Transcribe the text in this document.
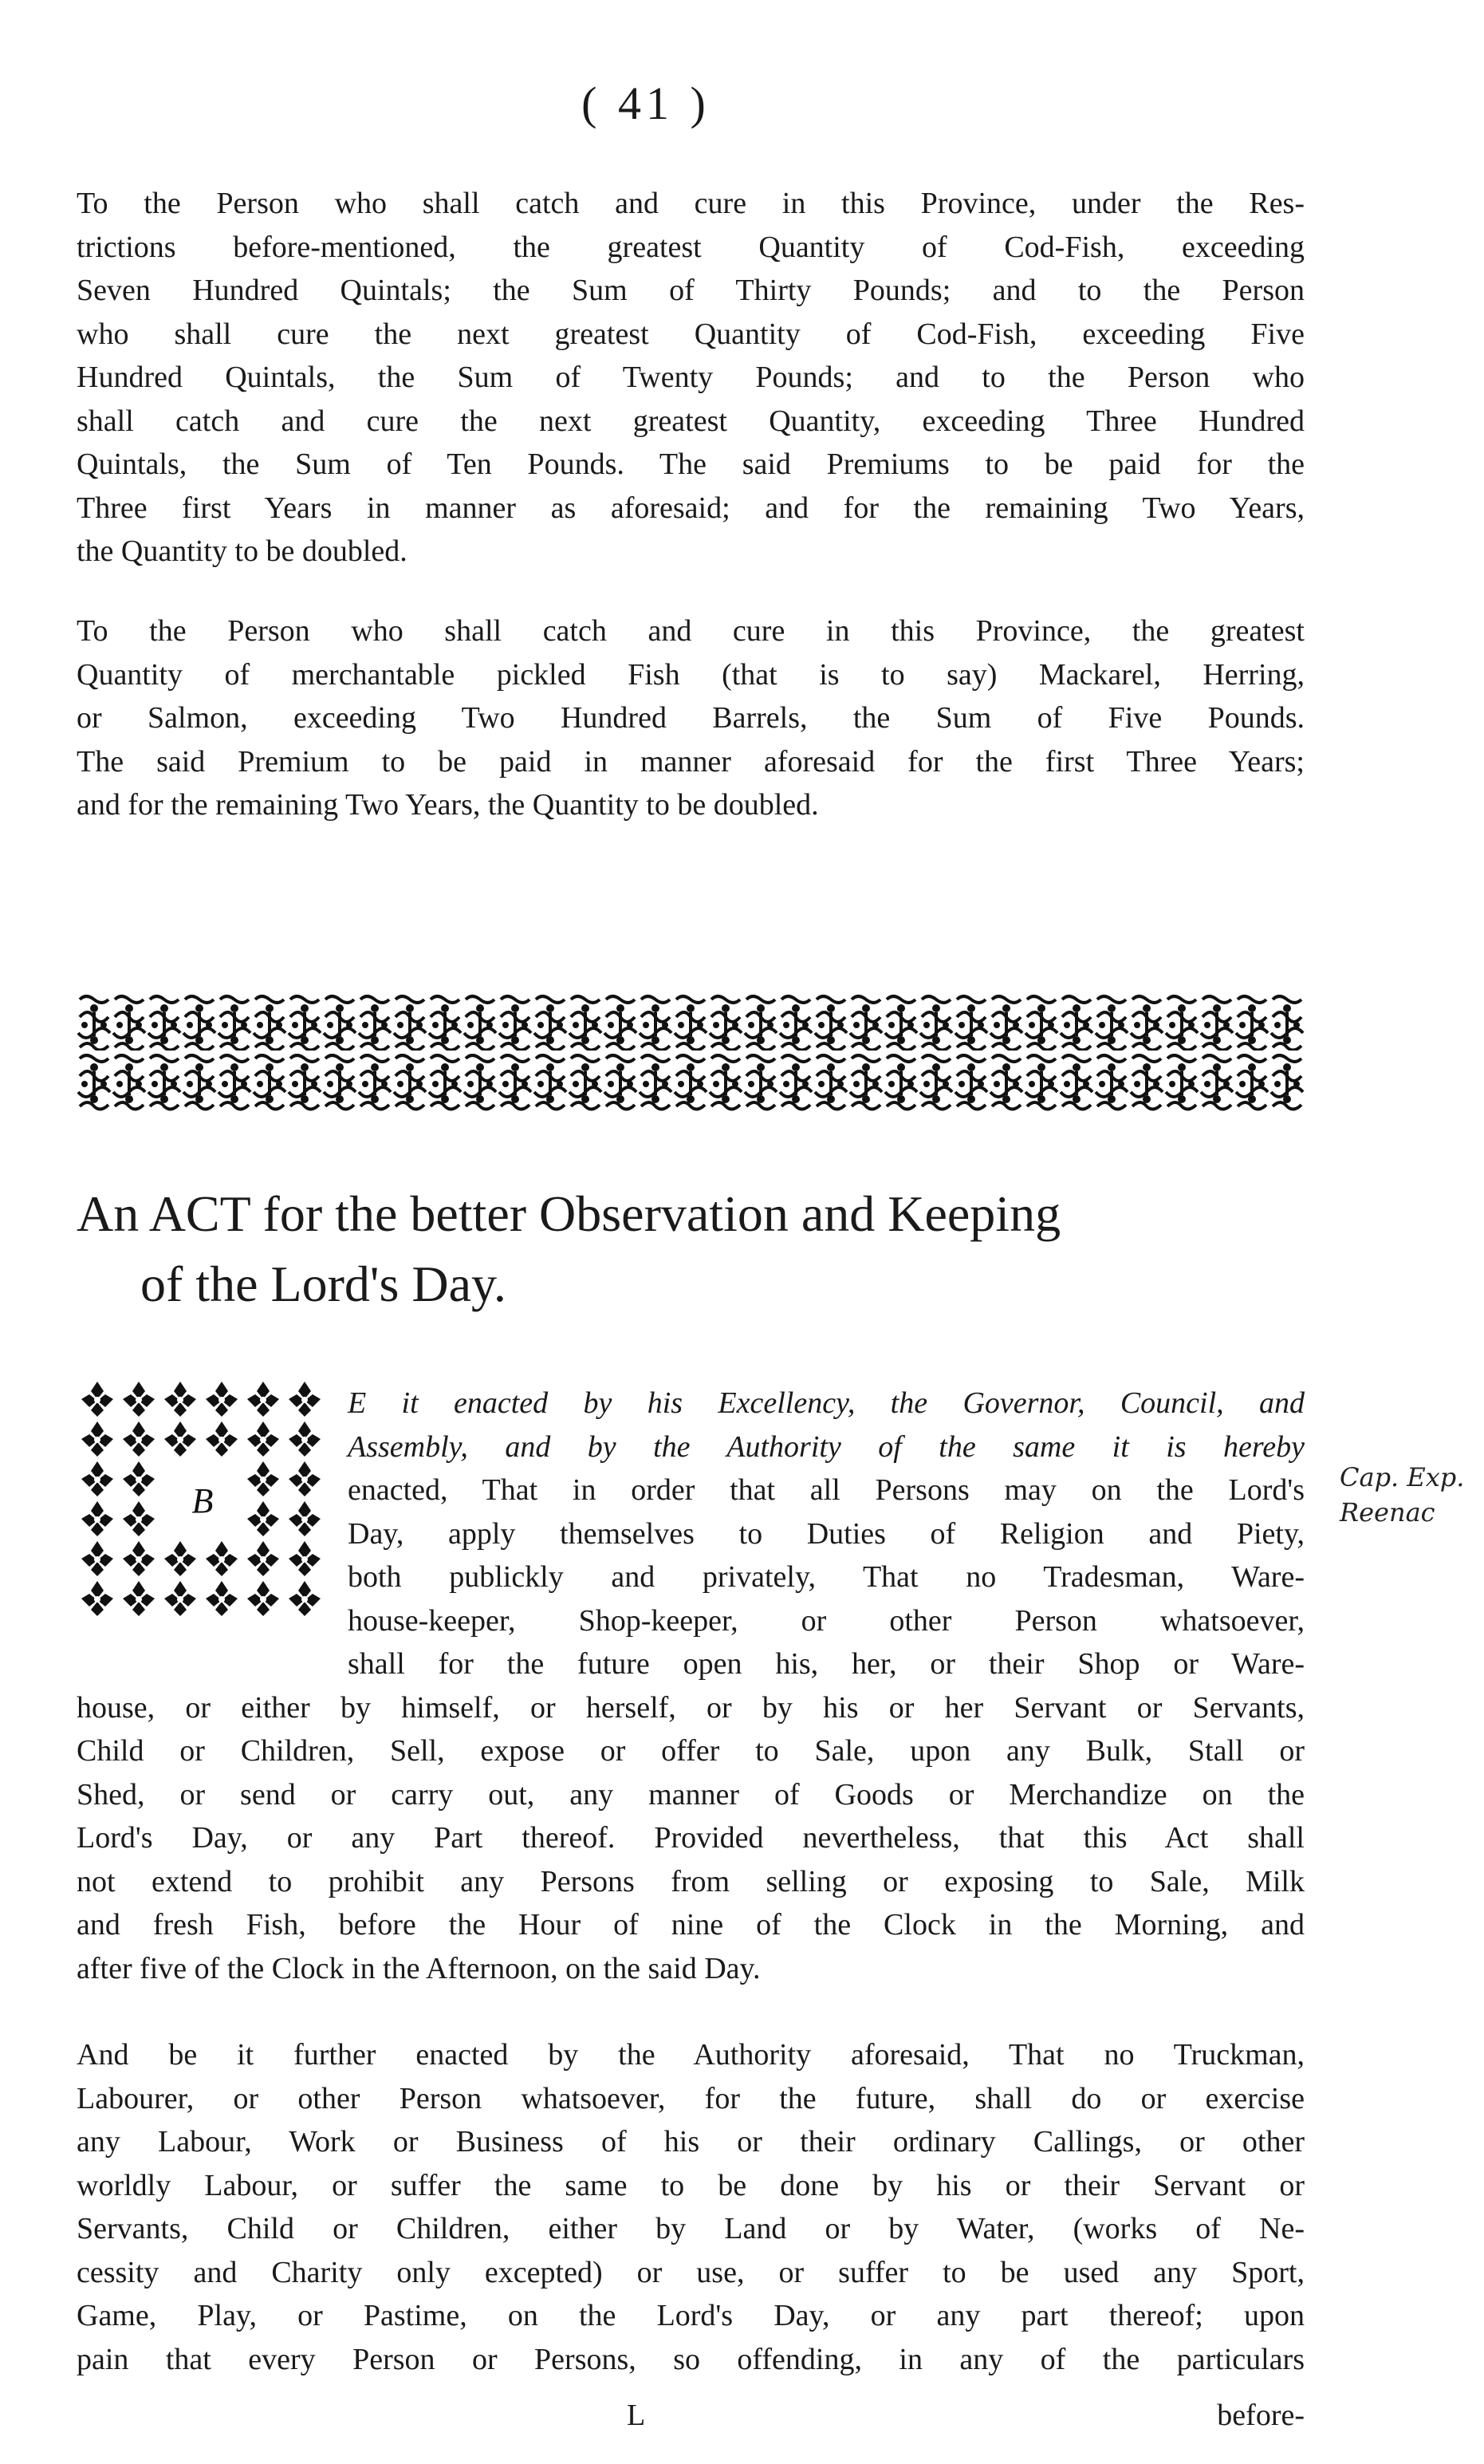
( 41 )
To the Person who shall catch and cure in this Province, under the Res-
trictions before-mentioned, the greatest Quantity of Cod-Fish, exceeding
Seven Hundred Quintals; the Sum of Thirty Pounds; and to the Person
who shall cure the next greatest Quantity of Cod-Fish, exceeding Five
Hundred Quintals, the Sum of Twenty Pounds; and to the Person who
shall catch and cure the next greatest Quantity, exceeding Three Hundred
Quintals, the Sum of Ten Pounds. The said Premiums to be paid for the
Three first Years in manner as aforesaid; and for the remaining Two Years,
the Quantity to be doubled.
To the Person who shall catch and cure in this Province, the greatest
Quantity of merchantable pickled Fish (that is to say) Mackarel, Herring,
or Salmon, exceeding Two Hundred Barrels, the Sum of Five Pounds.
The said Premium to be paid in manner aforesaid for the first Three Years;
and for the remaining Two Years, the Quantity to be doubled.
An ACT for the better Observation and Keeping
of the Lord's Day.
Cap. Exp. Reenac
B
E it enacted by his Excellency, the Governor, Council, and
Assembly, and by the Authority of the same it is hereby
enacted, That in order that all Persons may on the Lord's
Day, apply themselves to Duties of Religion and Piety,
both publickly and privately, That no Tradesman, Ware-
house-keeper, Shop-keeper, or other Person whatsoever,
shall for the future open his, her, or their Shop or Ware-
house, or either by himself, or herself, or by his or her Servant or Servants,
Child or Children, Sell, expose or offer to Sale, upon any Bulk, Stall or
Shed, or send or carry out, any manner of Goods or Merchandize on the
Lord's Day, or any Part thereof. Provided nevertheless, that this Act shall
not extend to prohibit any Persons from selling or exposing to Sale, Milk
and fresh Fish, before the Hour of nine of the Clock in the Morning, and
after five of the Clock in the Afternoon, on the said Day.
And be it further enacted by the Authority aforesaid, That no Truckman,
Labourer, or other Person whatsoever, for the future, shall do or exercise
any Labour, Work or Business of his or their ordinary Callings, or other
worldly Labour, or suffer the same to be done by his or their Servant or
Servants, Child or Children, either by Land or by Water, (works of Ne-
cessity and Charity only excepted) or use, or suffer to be used any Sport,
Game, Play, or Pastime, on the Lord's Day, or any part thereof; upon
pain that every Person or Persons, so offending, in any of the particulars
L	before-
